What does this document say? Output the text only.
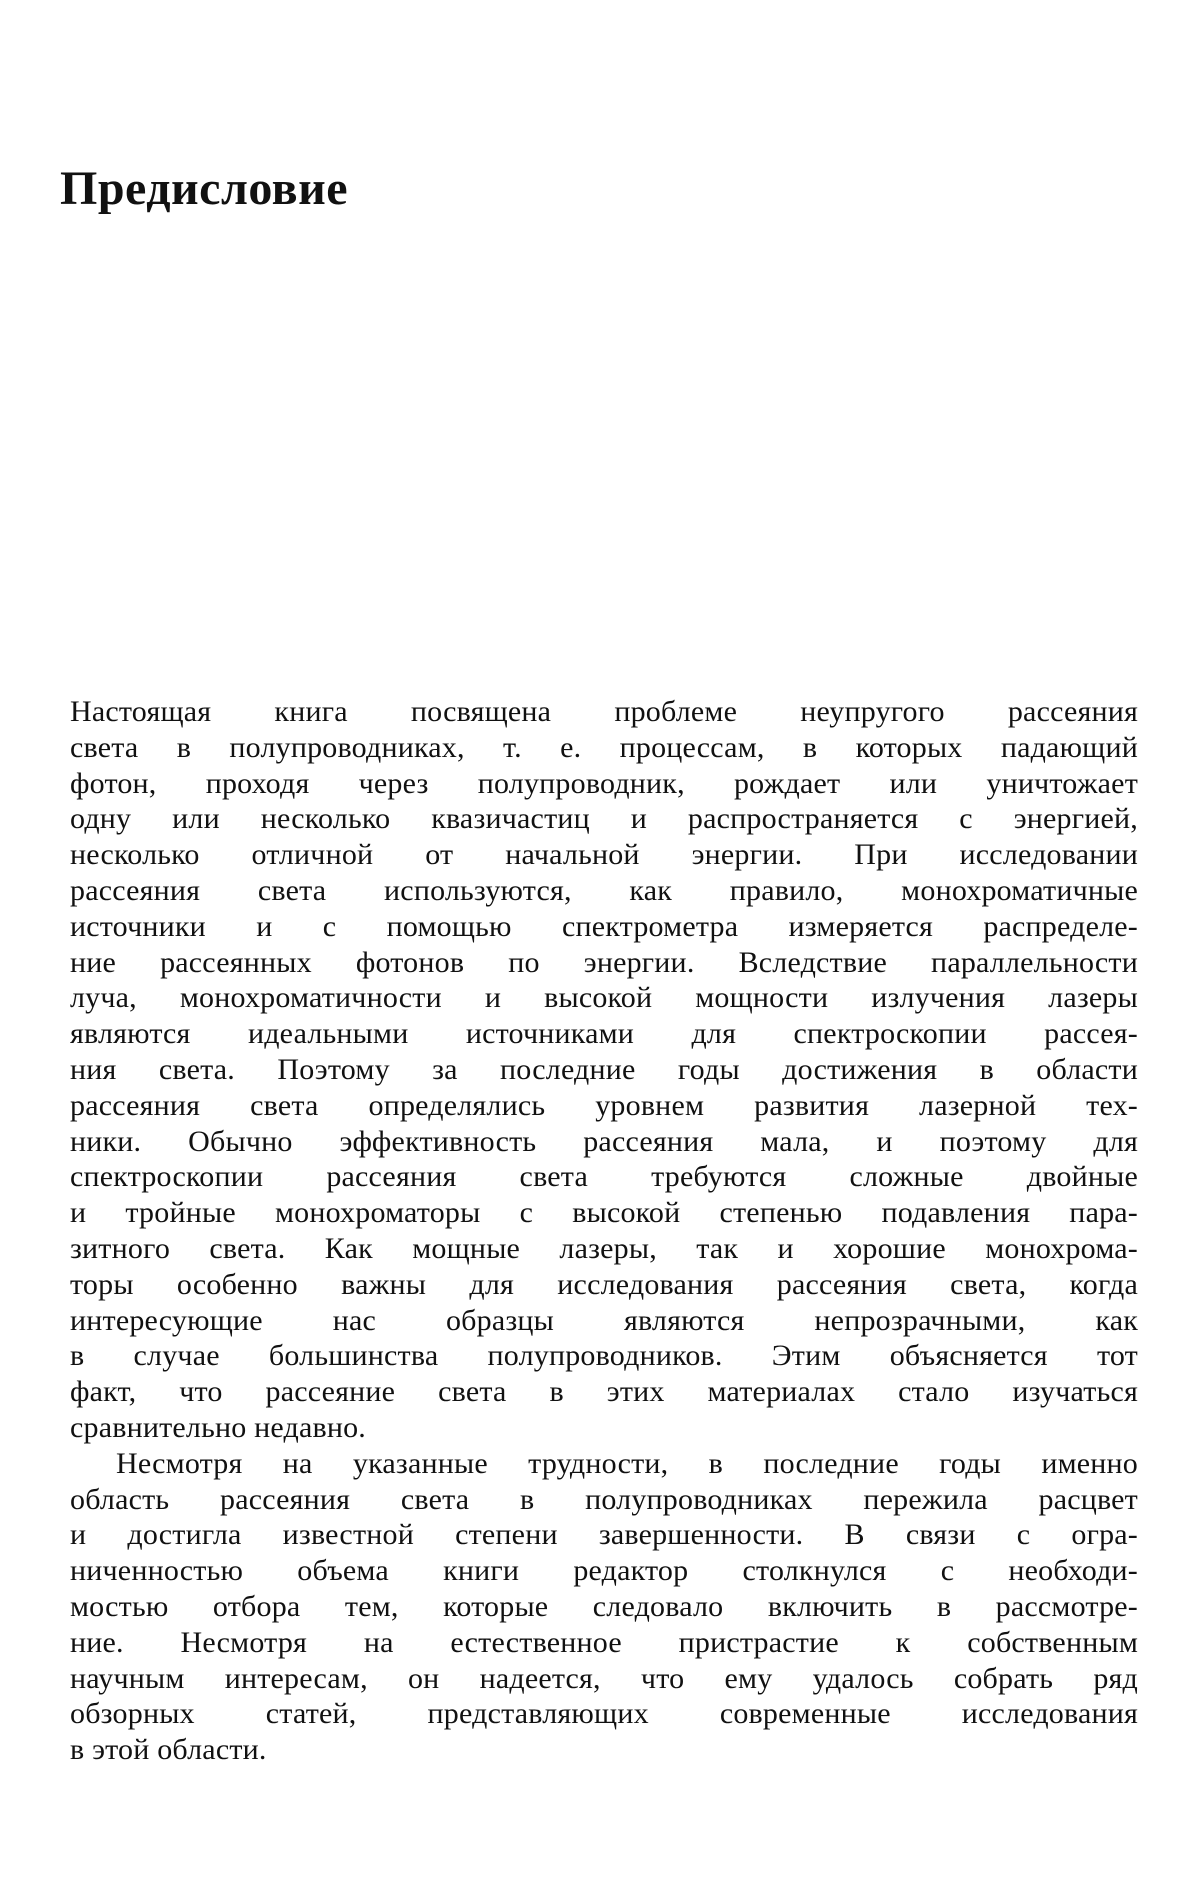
Предисловие
Настоящая книга посвящена проблеме неупругого рассеяния
света в полупроводниках, т. е. процессам, в которых падающий
фотон, проходя через полупроводник, рождает или уничтожает
одну или несколько квазичастиц и распространяется с энергией,
несколько отличной от начальной энергии. При исследовании
рассеяния света используются, как правило, монохроматичные
источники и с помощью спектрометра измеряется распределе-
ние рассеянных фотонов по энергии. Вследствие параллельности
луча, монохроматичности и высокой мощности излучения лазеры
являются идеальными источниками для спектроскопии рассея-
ния света. Поэтому за последние годы достижения в области
рассеяния света определялись уровнем развития лазерной тех-
ники. Обычно эффективность рассеяния мала, и поэтому для
спектроскопии рассеяния света требуются сложные двойные
и тройные монохроматоры с высокой степенью подавления пара-
зитного света. Как мощные лазеры, так и хорошие монохрома-
торы особенно важны для исследования рассеяния света, когда
интересующие нас образцы являются непрозрачными, как
в случае большинства полупроводников. Этим объясняется тот
факт, что рассеяние света в этих материалах стало изучаться
сравнительно недавно.
Несмотря на указанные трудности, в последние годы именно
область рассеяния света в полупроводниках пережила расцвет
и достигла известной степени завершенности. В связи с огра-
ниченностью объема книги редактор столкнулся с необходи-
мостью отбора тем, которые следовало включить в рассмотре-
ние. Несмотря на естественное пристрастие к собственным
научным интересам, он надеется, что ему удалось собрать ряд
обзорных статей, представляющих современные исследования
в этой области.
